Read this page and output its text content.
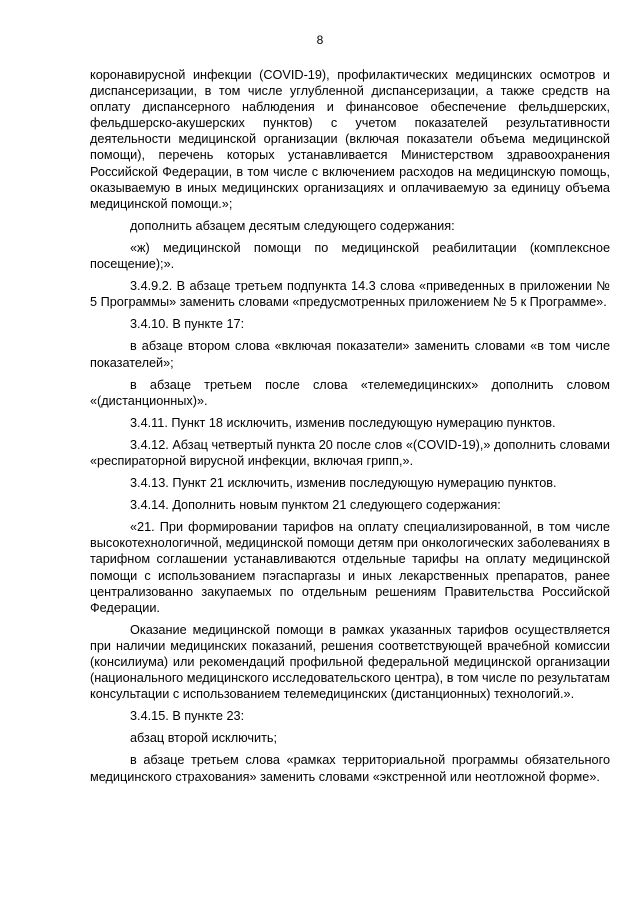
8

коронавирусной инфекции (COVID-19), профилактических медицинских осмотров и диспансеризации, в том числе углубленной диспансеризации, а также средств на оплату диспансерного наблюдения и финансовое обеспечение фельдшерских, фельдшерско-акушерских пунктов) с учетом показателей результативности деятельности медицинской организации (включая показатели объема медицинской помощи), перечень которых устанавливается Министерством здравоохранения Российской Федерации, в том числе с включением расходов на медицинскую помощь, оказываемую в иных медицинских организациях и оплачиваемую за единицу объема медицинской помощи.»;

дополнить абзацем десятым следующего содержания:

«ж) медицинской помощи по медицинской реабилитации (комплексное посещение);».

3.4.9.2. В абзаце третьем подпункта 14.3 слова «приведенных в приложении № 5 Программы» заменить словами «предусмотренных приложением № 5 к Программе».

3.4.10. В пункте 17:

в абзаце втором слова «включая показатели» заменить словами «в том числе показателей»;

в абзаце третьем после слова «телемедицинских» дополнить словом «(дистанционных)».

3.4.11. Пункт 18 исключить, изменив последующую нумерацию пунктов.

3.4.12. Абзац четвертый пункта 20 после слов «(COVID-19),» дополнить словами «респираторной вирусной инфекции, включая грипп,».

3.4.13. Пункт 21 исключить, изменив последующую нумерацию пунктов.

3.4.14. Дополнить новым пунктом 21 следующего содержания:

«21. При формировании тарифов на оплату специализированной, в том числе высокотехнологичной, медицинской помощи детям при онкологических заболеваниях в тарифном соглашении устанавливаются отдельные тарифы на оплату медицинской помощи с использованием пэгаспаргазы и иных лекарственных препаратов, ранее централизованно закупаемых по отдельным решениям Правительства Российской Федерации.

Оказание медицинской помощи в рамках указанных тарифов осуществляется при наличии медицинских показаний, решения соответствующей врачебной комиссии (консилиума) или рекомендаций профильной федеральной медицинской организации (национального медицинского исследовательского центра), в том числе по результатам консультации с использованием телемедицинских (дистанционных) технологий.».

3.4.15. В пункте 23:

абзац второй исключить;

в абзаце третьем слова «рамках территориальной программы обязательного медицинского страхования» заменить словами «экстренной или неотложной форме».
